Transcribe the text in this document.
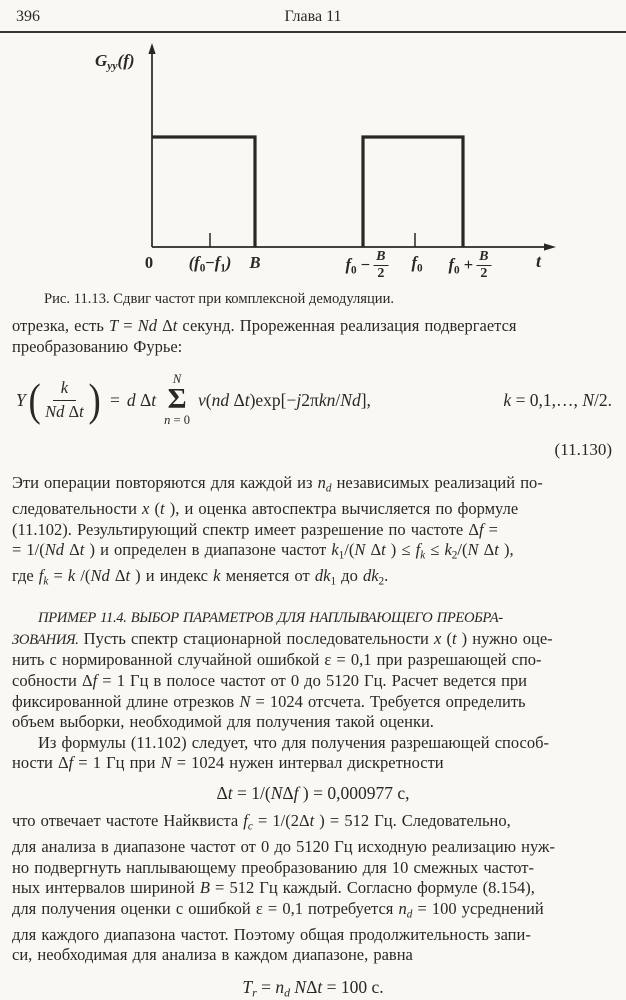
396	Глава 11
$G_{yy}(f)$
0 $(f_0-f_1)$ B	$f_0 - \frac{B}{2} f_0$ $f_0 + \frac{B}{2}$ t
Рис. 11.13. Сдвиг частот при комплексной демодуляции.
отрезка, есть T = Nd Δt секунд. Прореженная реализация подвергается
преобразованию Фурье:
Y (	k
Nd Δt ) = d Δt
N
Σ
n = 0
v(nd Δt)exp[−j2πkn/Nd],	k = 0,1,…, N/2.
(11.130)
Эти операции повторяются для каждой из $n_d$ независимых реализаций по-
следовательности x (t ), и оценка автоспектра вычисляется по формуле
(11.102). Результирующий спектр имеет разрешение по частоте Δf =
= 1/(Nd Δt ) и определен в диапазоне частот $k_1/(N$ Δt ) ≤ $f_k \le k_2/(N$ Δt ),
где $f_k = k$ /(Nd Δt ) и индекс k меняется от $dk_1$ до $dk_2$.
ПРИМЕР 11.4. ВЫБОР ПАРАМЕТРОВ ДЛЯ НАПЛЫВАЮЩЕГО ПРЕОБРА-
ЗОВАНИЯ. Пусть спектр стационарной последовательности x (t ) нужно оце-
нить с нормированной случайной ошибкой ε = 0,1 при разрешающей спо-
собности Δf = 1 Гц в полосе частот от 0 до 5120 Гц. Расчет ведется при
фиксированной длине отрезков N = 1024 отсчета. Требуется определить
объем выборки, необходимой для получения такой оценки.
Из формулы (11.102) следует, что для получения разрешающей способ-
ности Δf = 1 Гц при N = 1024 нужен интервал дискретности
Δt = 1/(NΔf ) = 0,000977 с,
что отвечает частоте Найквиста $f_c = 1/(2\Delta t$ ) = 512 Гц. Следовательно,
для анализа в диапазоне частот от 0 до 5120 Гц исходную реализацию нуж-
но подвергнуть наплывающему преобразованию для 10 смежных частот-
ных интервалов шириной B = 512 Гц каждый. Согласно формуле (8.154),
для получения оценки с ошибкой ε = 0,1 потребуется $n_d = 100$ усреднений
для каждого диапазона частот. Поэтому общая продолжительность запи-
си, необходимая для анализа в каждом диапазоне, равна
$T_r = n_d$ NΔt = 100 с.
